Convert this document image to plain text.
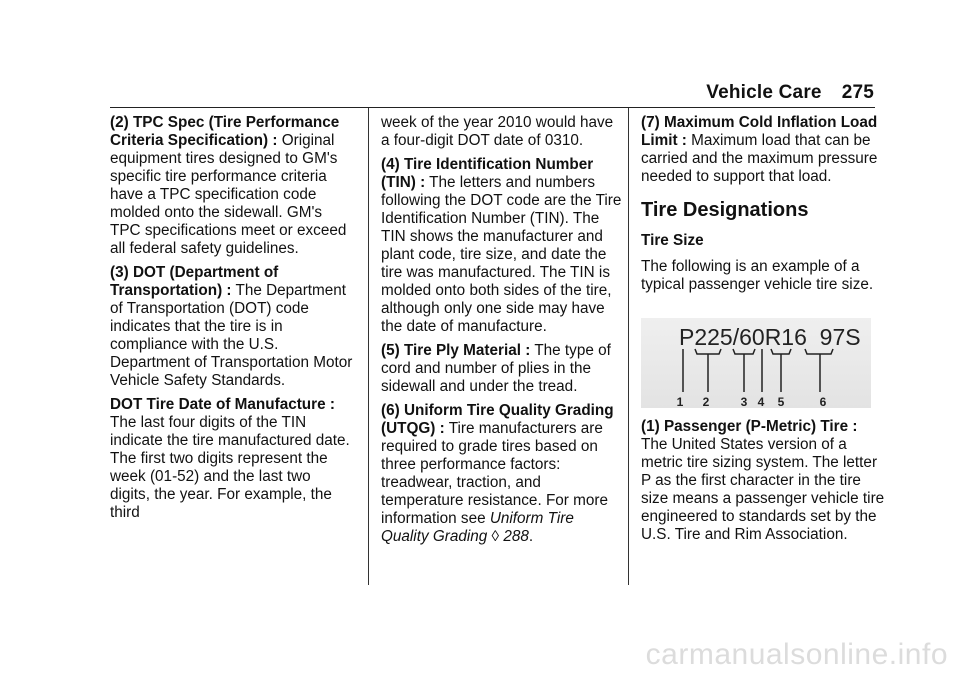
Vehicle Care 275

(2) TPC Spec (Tire Performance Criteria Specification) : Original equipment tires designed to GM's specific tire performance criteria have a TPC specification code molded onto the sidewall. GM's TPC specifications meet or exceed all federal safety guidelines.

(3) DOT (Department of Transportation) : The Department of Transportation (DOT) code indicates that the tire is in compliance with the U.S. Department of Transportation Motor Vehicle Safety Standards.

DOT Tire Date of Manufacture : The last four digits of the TIN indicate the tire manufactured date. The first two digits represent the week (01-52) and the last two digits, the year. For example, the third

week of the year 2010 would have a four-digit DOT date of 0310.

(4) Tire Identification Number (TIN) : The letters and numbers following the DOT code are the Tire Identification Number (TIN). The TIN shows the manufacturer and plant code, tire size, and date the tire was manufactured. The TIN is molded onto both sides of the tire, although only one side may have the date of manufacture.

(5) Tire Ply Material : The type of cord and number of plies in the sidewall and under the tread.

(6) Uniform Tire Quality Grading (UTQG) : Tire manufacturers are required to grade tires based on three performance factors: treadwear, traction, and temperature resistance. For more information see Uniform Tire Quality Grading ◊ 288.

(7) Maximum Cold Inflation Load Limit : Maximum load that can be carried and the maximum pressure needed to support that load.

Tire Designations
Tire Size

The following is an example of a typical passenger vehicle tire size.

P225/60R16  97S
1 2	3 4 5	6

(1) Passenger (P-Metric) Tire : The United States version of a metric tire sizing system. The letter P as the first character in the tire size means a passenger vehicle tire engineered to standards set by the U.S. Tire and Rim Association.

carmanualsonline.info
